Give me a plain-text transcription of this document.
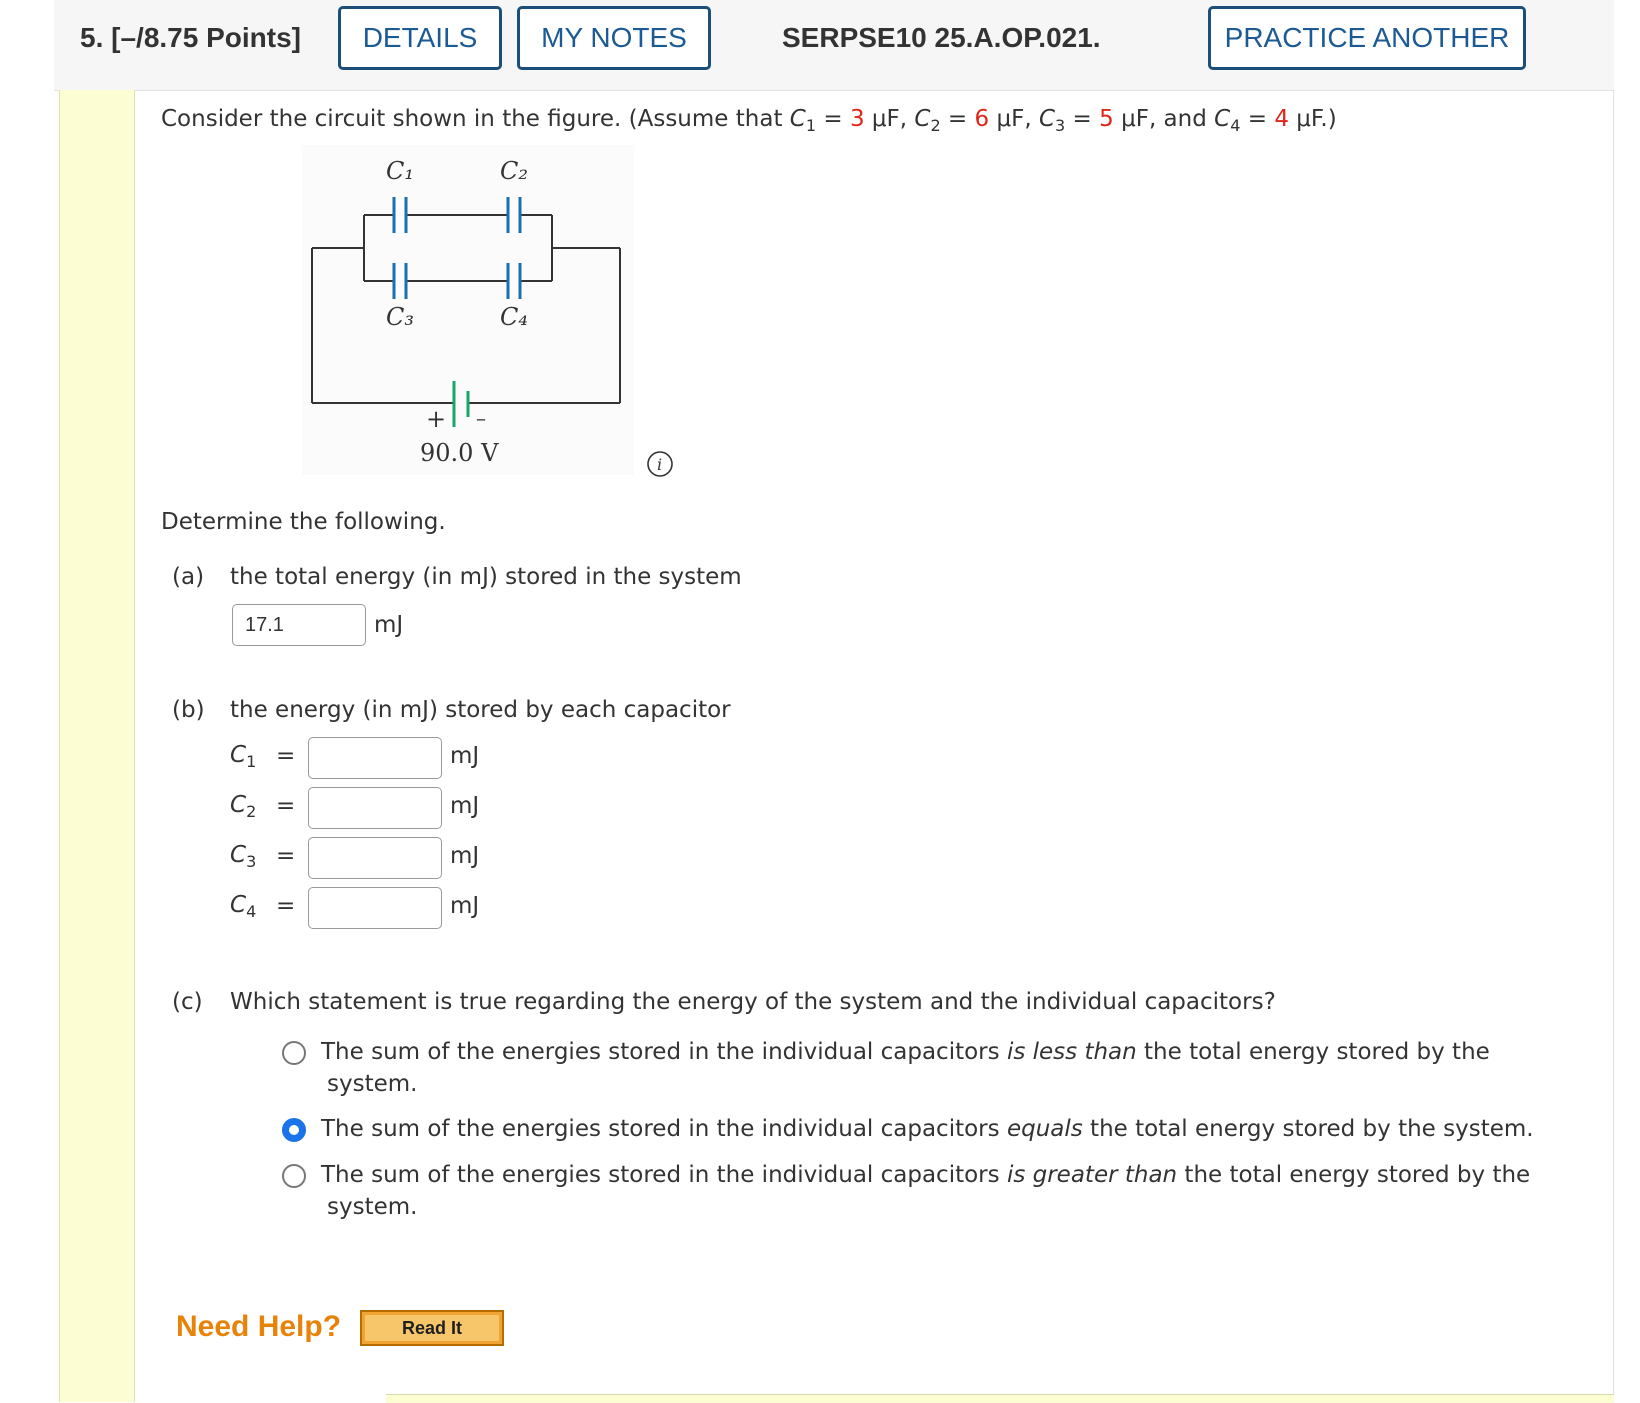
5. [–/8.75 Points]	DETAILS	MY NOTES	SERPSE10 25.A.OP.021.	PRACTICE ANOTHER
Consider the circuit shown in the figure. (Assume that $C_1 = 3$ μF, $C_2 = 6$ μF, $C_3 = 5$ μF, and $C_4 = 4$ μF.)
C₁	C₂
C₃	C₄
+ –
90.0 V	i
Determine the following.
(a) the total energy (in mJ) stored in the system
17.1	mJ
(b) the energy (in mJ) stored by each capacitor
$C_1$ =	mJ
$C_2$ =	mJ
$C_3$ =	mJ
$C_4$ =	mJ
(c) Which statement is true regarding the energy of the system and the individual capacitors?
The sum of the energies stored in the individual capacitors is less than the total energy stored by the
system.
The sum of the energies stored in the individual capacitors equals the total energy stored by the system.
The sum of the energies stored in the individual capacitors is greater than the total energy stored by the
system.
Need Help?	Read It
